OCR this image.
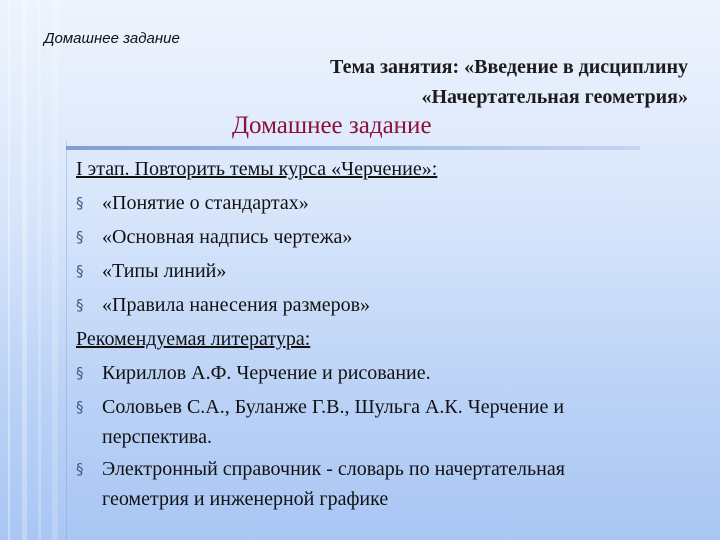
Домашнее задание
Тема занятия: «Введение в дисциплину
«Начертательная геометрия»
Домашнее задание
I этап. Повторить темы курса «Черчение»:
§ «Понятие о стандартах»
§ «Основная надпись чертежа»
§ «Типы линий»
§ «Правила нанесения размеров»
Рекомендуемая литература:
§ Кириллов А.Ф. Черчение и рисование.
§ Соловьев С.А., Буланже Г.В., Шульга А.К. Черчение и
перспектива.
§ Электронный справочник - словарь по начертательная
геометрия и инженерной графике
